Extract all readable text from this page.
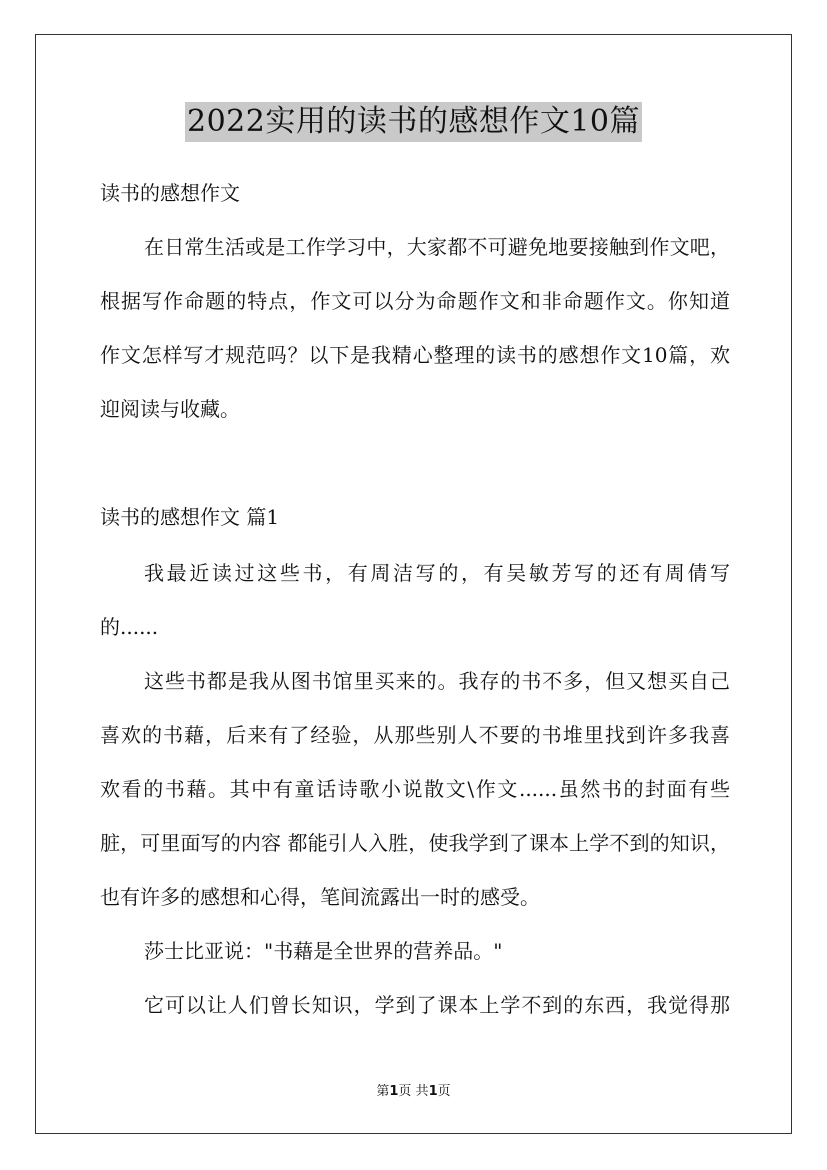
2022实用的读书的感想作文10篇
读书的感想作文
在日常生活或是工作学习中，大家都不可避免地要接触到作文吧，
根据写作命题的特点，作文可以分为命题作文和非命题作文。你知道
作文怎样写才规范吗？以下是我精心整理的读书的感想作文10篇，欢
迎阅读与收藏。
读书的感想作文 篇1
我最近读过这些书，有周洁写的，有吴敏芳写的还有周倩写
的......
这些书都是我从图书馆里买来的。我存的书不多，但又想买自己
喜欢的书藉，后来有了经验，从那些别人不要的书堆里找到许多我喜
欢看的书藉。其中有童话诗歌小说散文\作文......虽然书的封面有些
脏，可里面写的内容 都能引人入胜，使我学到了课本上学不到的知识，
也有许多的感想和心得，笔间流露出一时的感受。
莎士比亚说："书藉是全世界的营养品。"
它可以让人们曾长知识，学到了课本上学不到的东西，我觉得那
第1页 共1页
